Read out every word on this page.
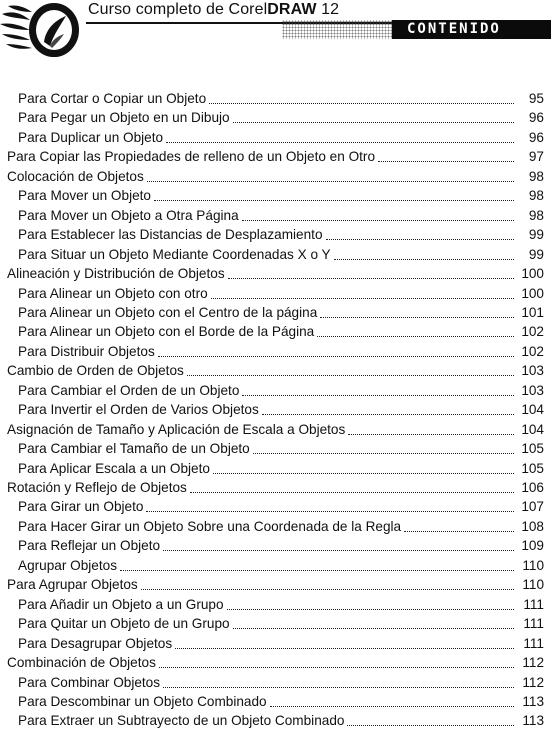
Curso completo de CorelDRAW 12
CONTENIDO
Para Cortar o Copiar un Objeto	95
Para Pegar un Objeto en un Dibujo	96
Para Duplicar un Objeto	96
Para Copiar las Propiedades de relleno de un Objeto en Otro	97
Colocación de Objetos	98
Para Mover un Objeto	98
Para Mover un Objeto a Otra Página	98
Para Establecer las Distancias de Desplazamiento	99
Para Situar un Objeto Mediante Coordenadas X o Y	99
Alineación y Distribución de Objetos	100
Para Alinear un Objeto con otro	100
Para Alinear un Objeto con el Centro de la página	101
Para Alinear un Objeto con el Borde de la Página	102
Para Distribuir Objetos	102
Cambio de Orden de Objetos	103
Para Cambiar el Orden de un Objeto	103
Para Invertir el Orden de Varios Objetos	104
Asignación de Tamaño y Aplicación de Escala a Objetos	104
Para Cambiar el Tamaño de un Objeto	105
Para Aplicar Escala a un Objeto	105
Rotación y Reflejo de Objetos	106
Para Girar un Objeto	107
Para Hacer Girar un Objeto Sobre una Coordenada de la Regla	108
Para Reflejar un Objeto	109
Agrupar Objetos	110
Para Agrupar Objetos	110
Para Añadir un Objeto a un Grupo	111
Para Quitar un Objeto de un Grupo	111
Para Desagrupar Objetos	111
Combinación de Objetos	112
Para Combinar Objetos	112
Para Descombinar un Objeto Combinado	113
Para Extraer un Subtrayecto de un Objeto Combinado	113
